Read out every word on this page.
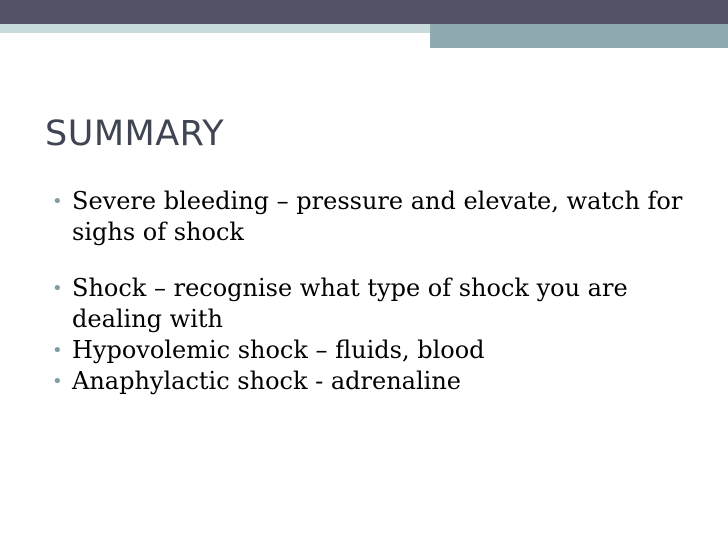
SUMMARY
• Severe bleeding – pressure and elevate, watch for sighs of shock
• Shock – recognise what type of shock you are dealing with
• Hypovolemic shock – fluids, blood
• Anaphylactic shock - adrenaline
